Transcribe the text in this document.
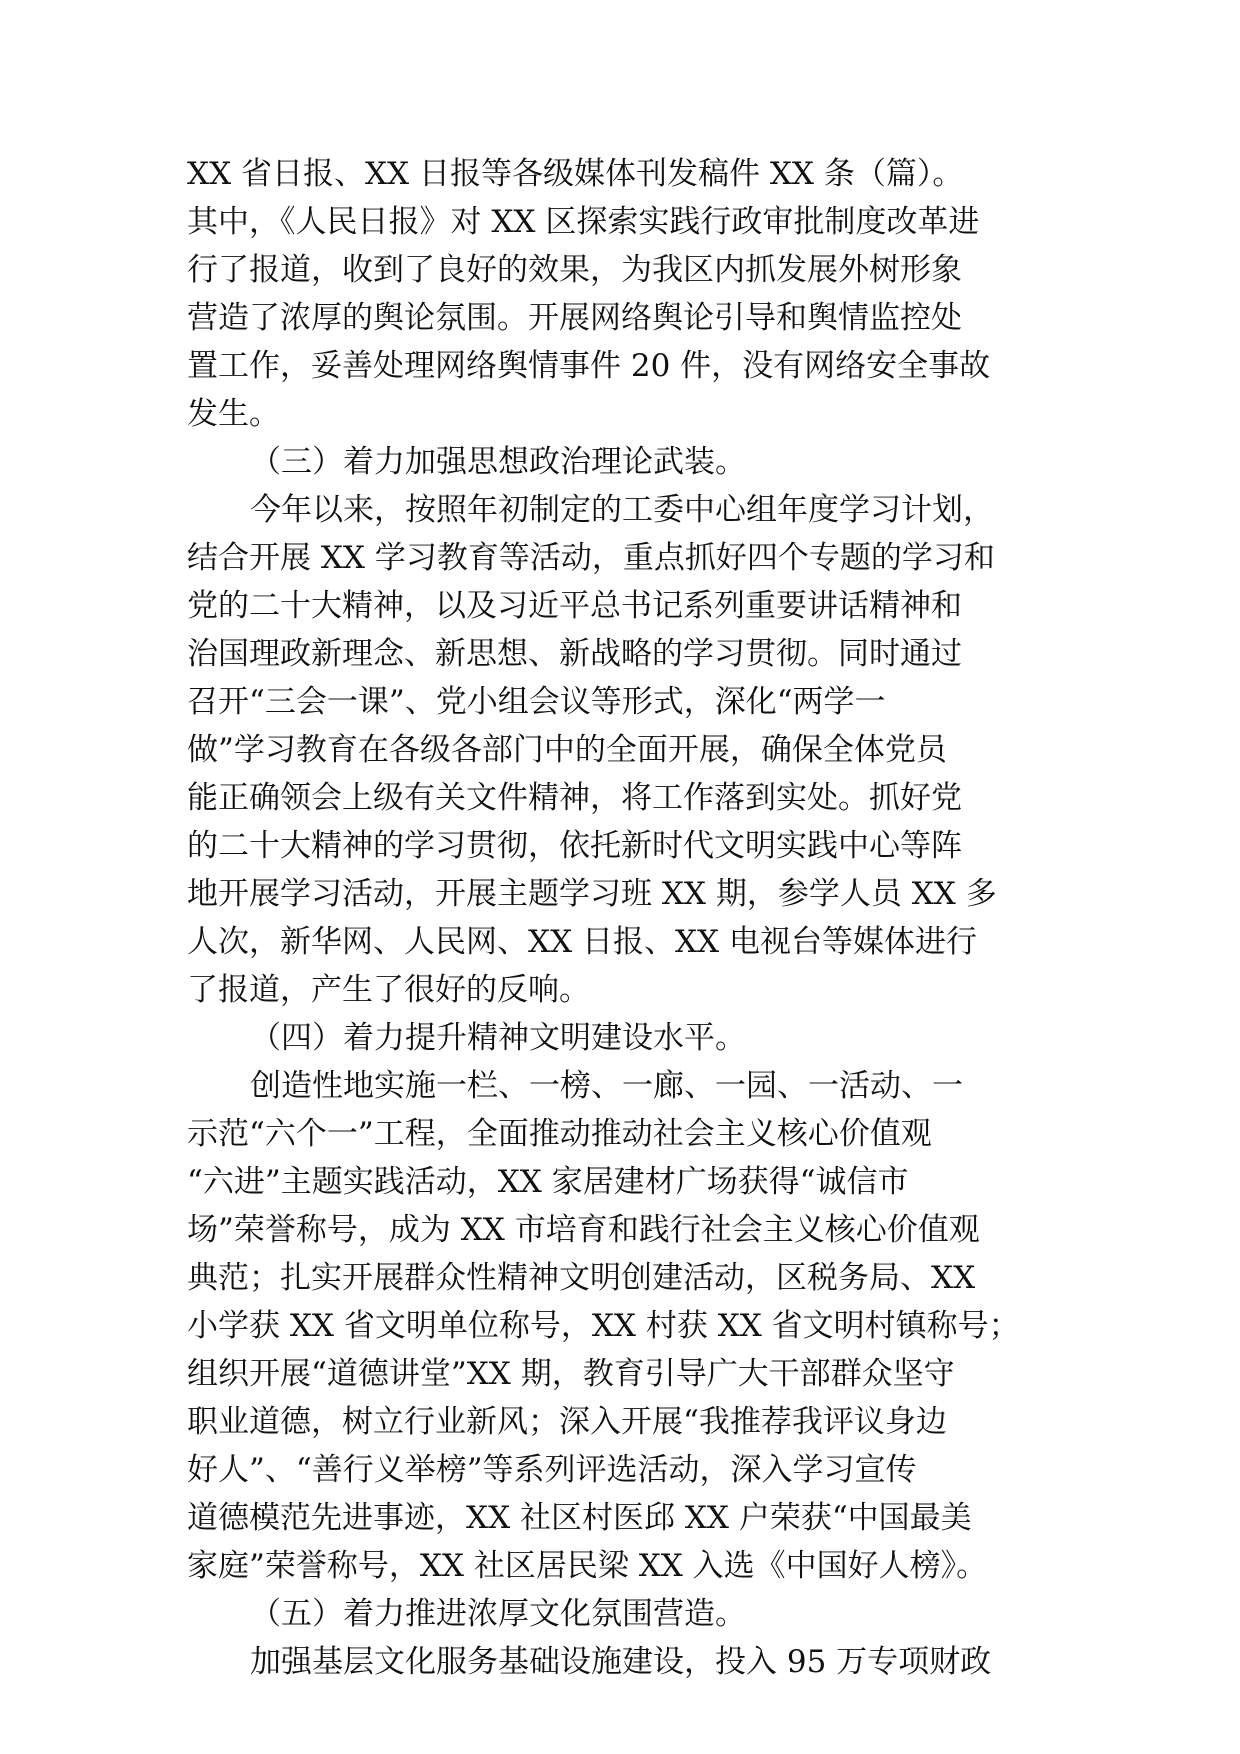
XX 省日报、XX 日报等各级媒体刊发稿件 XX 条（篇）。
其中，《人民日报》对 XX 区探索实践行政审批制度改革进
行了报道，收到了良好的效果，为我区内抓发展外树形象
营造了浓厚的舆论氛围。开展网络舆论引导和舆情监控处
置工作，妥善处理网络舆情事件 20 件，没有网络安全事故
发生。
（三）着力加强思想政治理论武装。
今年以来，按照年初制定的工委中心组年度学习计划，
结合开展 XX 学习教育等活动，重点抓好四个专题的学习和
党的二十大精神，以及习近平总书记系列重要讲话精神和
治国理政新理念、新思想、新战略的学习贯彻。同时通过
召开“三会一课”、党小组会议等形式，深化“两学一
做”学习教育在各级各部门中的全面开展，确保全体党员
能正确领会上级有关文件精神，将工作落到实处。抓好党
的二十大精神的学习贯彻，依托新时代文明实践中心等阵
地开展学习活动，开展主题学习班 XX 期，参学人员 XX 多
人次，新华网、人民网、XX 日报、XX 电视台等媒体进行
了报道，产生了很好的反响。
（四）着力提升精神文明建设水平。
创造性地实施一栏、一榜、一廊、一园、一活动、一
示范“六个一”工程，全面推动推动社会主义核心价值观
“六进”主题实践活动，XX 家居建材广场获得“诚信市
场”荣誉称号，成为 XX 市培育和践行社会主义核心价值观
典范；扎实开展群众性精神文明创建活动，区税务局、XX
小学获 XX 省文明单位称号，XX 村获 XX 省文明村镇称号；
组织开展“道德讲堂”XX 期，教育引导广大干部群众坚守
职业道德，树立行业新风；深入开展“我推荐我评议身边
好人”、“善行义举榜”等系列评选活动，深入学习宣传
道德模范先进事迹，XX 社区村医邱 XX 户荣获“中国最美
家庭”荣誉称号，XX 社区居民梁 XX 入选《中国好人榜》。
（五）着力推进浓厚文化氛围营造。
加强基层文化服务基础设施建设，投入 95 万专项财政
